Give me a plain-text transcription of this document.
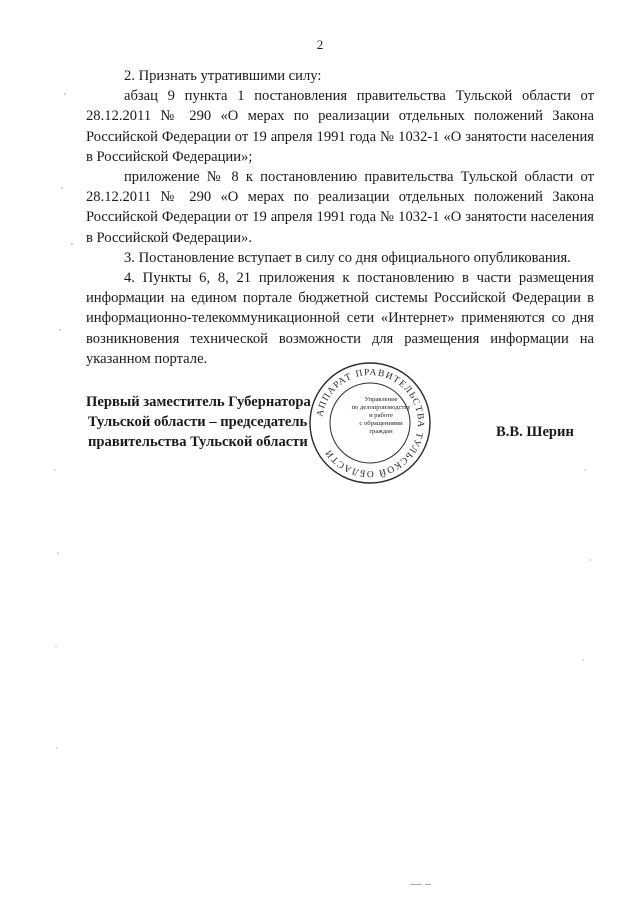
2

2. Признать утратившими силу:

абзац 9 пункта 1 постановления правительства Тульской области от 28.12.2011 № 290 «О мерах по реализации отдельных положений Закона Российской Федерации от 19 апреля 1991 года № 1032-1 «О занятости населения в Российской Федерации»;

приложение № 8 к постановлению правительства Тульской области от 28.12.2011 № 290 «О мерах по реализации отдельных положений Закона Российской Федерации от 19 апреля 1991 года № 1032-1 «О занятости населения в Российской Федерации».

3. Постановление вступает в силу со дня официального опубликования.

4. Пункты 6, 8, 21 приложения к постановлению в части размещения информации на едином портале бюджетной системы Российской Федерации в информационно-телекоммуникационной сети «Интернет» применяются со дня возникновения технической возможности для размещения информации на указанном портале.

Первый заместитель Губернатора
Тульской области – председатель
правительства Тульской области
В.В. Шерин
АППАРАТ ПРАВИТЕЛЬСТВА ТУЛЬСКОЙ ОБЛАСТИ
Управление
по делопроизводству
и работе
с обращениями
граждан
